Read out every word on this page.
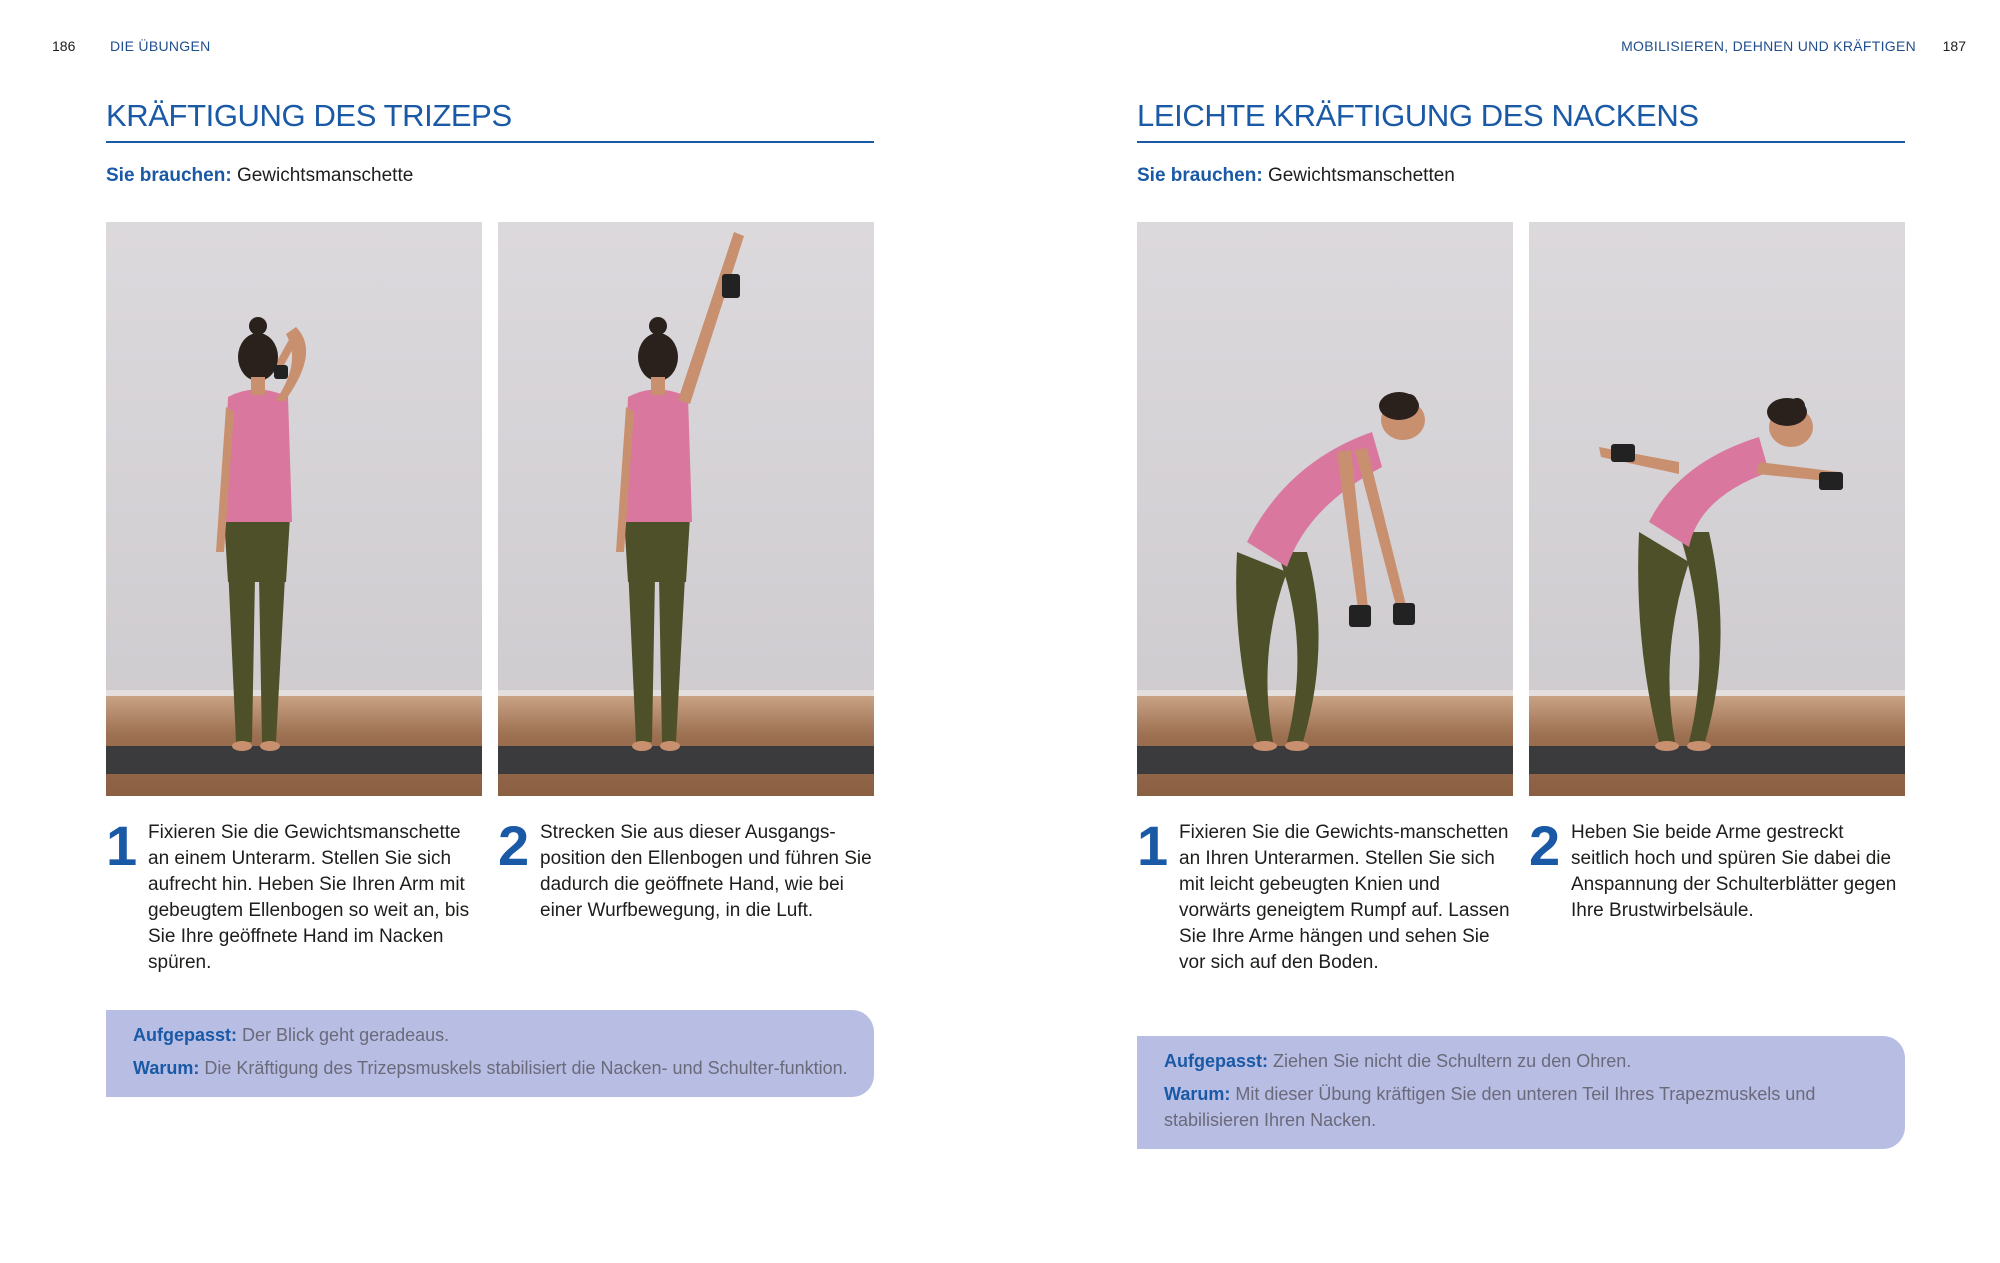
186 DIE ÜBUNGEN
KRÄFTIGUNG DES TRIZEPS
Sie brauchen: Gewichtsmanschette
1 Fixieren Sie die Gewichtsmanschette an einem Unterarm. Stellen Sie sich aufrecht hin. Heben Sie Ihren Arm mit gebeugtem Ellenbogen so weit an, bis Sie Ihre geöffnete Hand im Nacken spüren.
2 Strecken Sie aus dieser Ausgangs-position den Ellenbogen und führen Sie dadurch die geöffnete Hand, wie bei einer Wurfbewegung, in die Luft.

Aufgepasst: Der Blick geht geradeaus.

Warum: Die Kräftigung des Trizepsmuskels stabilisiert die Nacken- und Schulter-funktion.

MOBILISIEREN, DEHNEN UND KRÄFTIGEN 187
LEICHTE KRÄFTIGUNG DES NACKENS
Sie brauchen: Gewichtsmanschetten
1 Fixieren Sie die Gewichts-manschetten an Ihren Unterarmen. Stellen Sie sich mit leicht gebeugten Knien und vorwärts geneigtem Rumpf auf. Lassen Sie Ihre Arme hängen und sehen Sie vor sich auf den Boden.
2 Heben Sie beide Arme gestreckt seitlich hoch und spüren Sie dabei die Anspannung der Schulterblätter gegen Ihre Brustwirbelsäule.

Aufgepasst: Ziehen Sie nicht die Schultern zu den Ohren.

Warum: Mit dieser Übung kräftigen Sie den unteren Teil Ihres Trapezmuskels und stabilisieren Ihren Nacken.
